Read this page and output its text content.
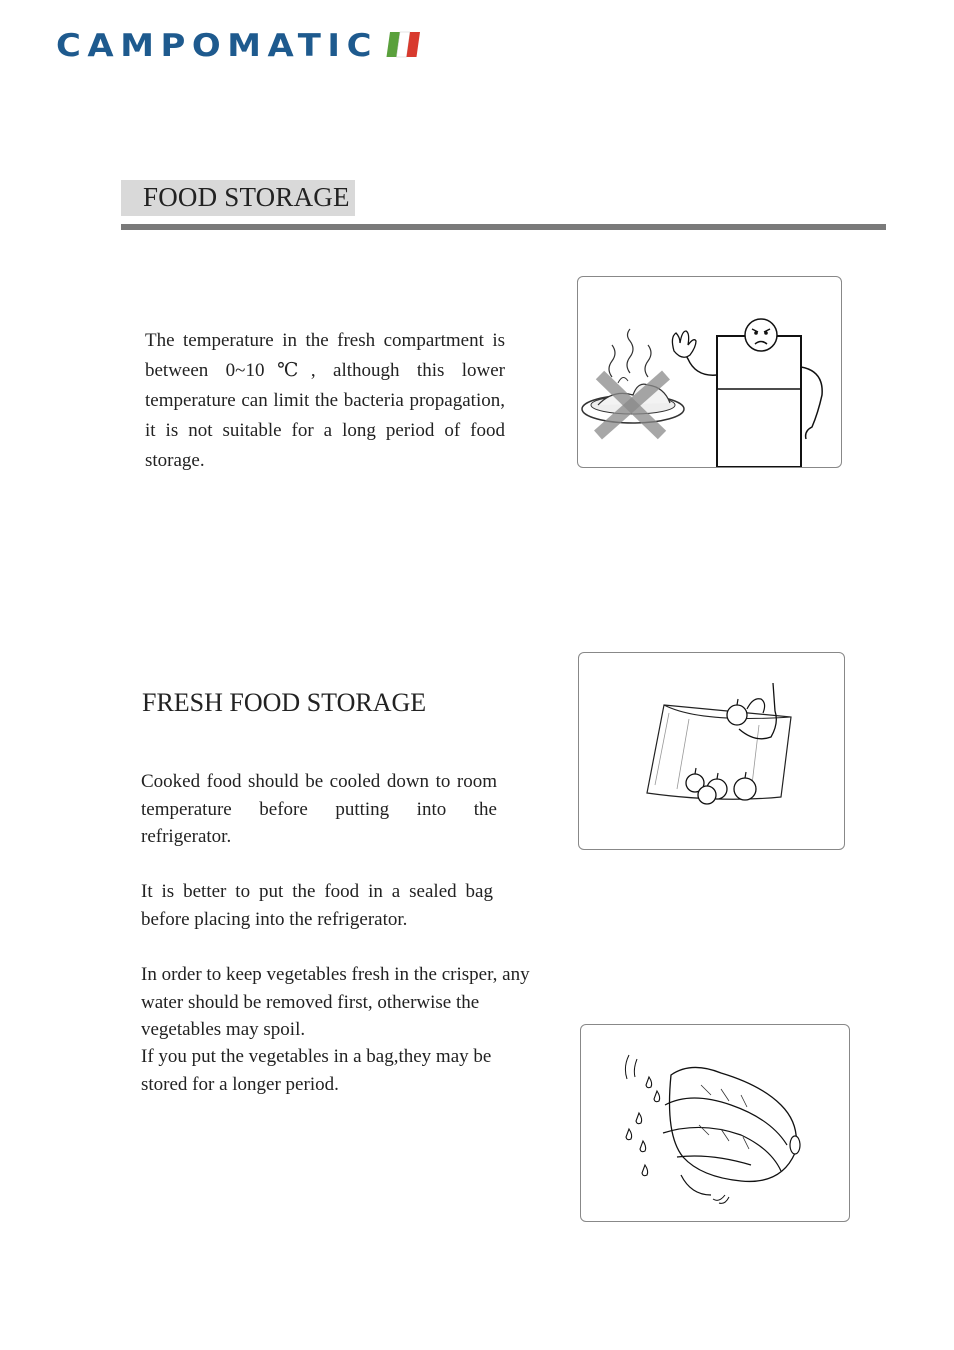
CAMPOMATIC
FOOD STORAGE
The temperature in the fresh compartment is between 0~10℃, although this lower temperature can limit the bacteria propagation, it is not suitable for a long period of food storage.
FRESH FOOD STORAGE
Cooked food should be cooled down to room temperature before putting into the refrigerator.
It is better to put the food in a sealed bag before placing into the refrigerator.
In order to keep vegetables fresh in the crisper, any water should be removed first, otherwise the vegetables may spoil.
If you put the vegetables in a bag,they may be stored for a longer period.
